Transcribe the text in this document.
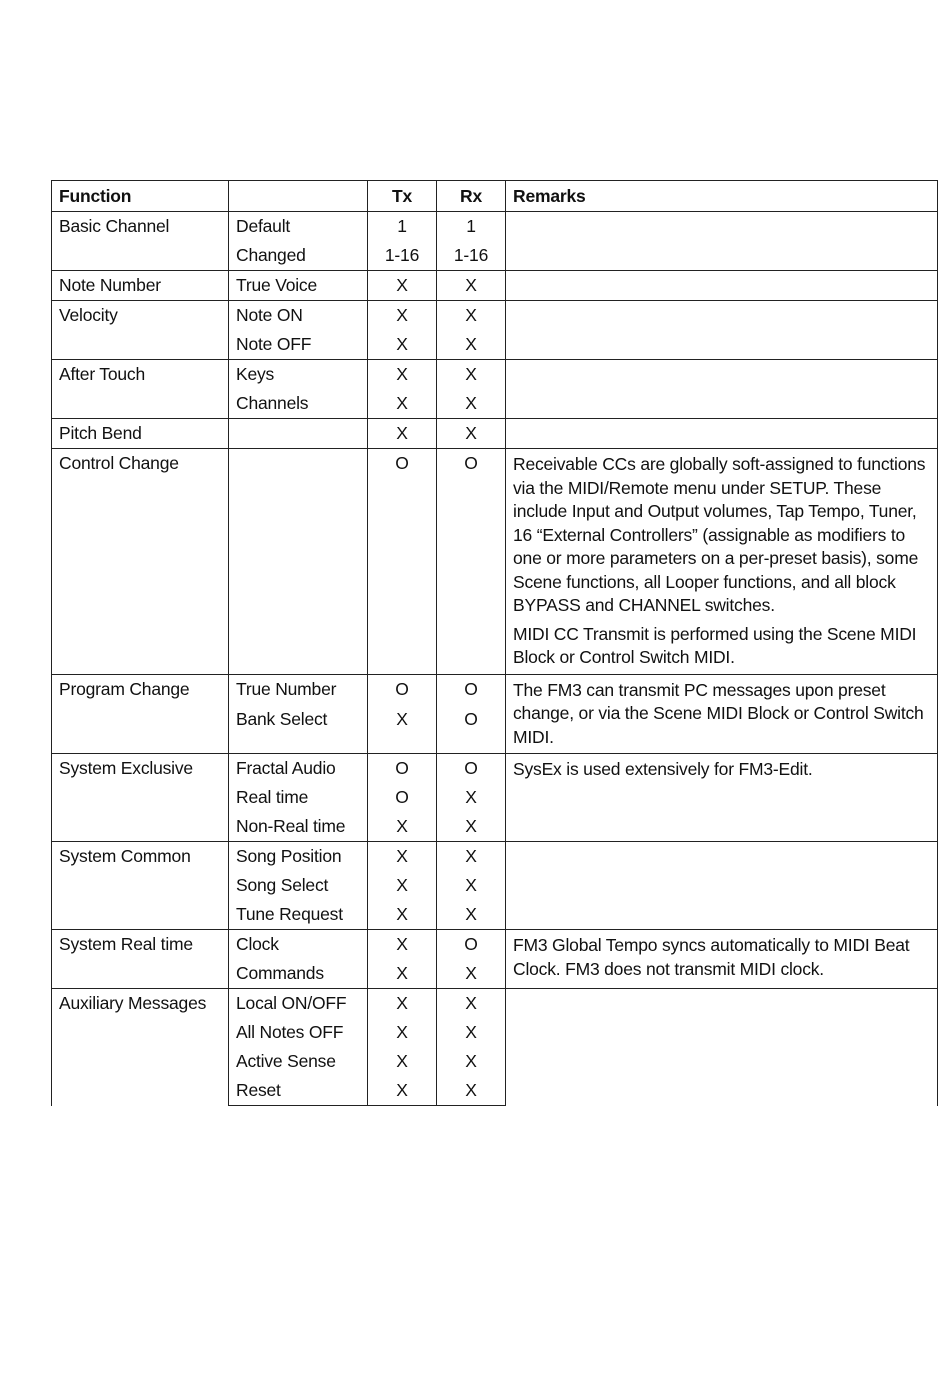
Function		Tx	Rx	Remarks
Basic Channel	Default	1	1	
	Changed	1-16	1-16	
Note Number	True Voice	X	X	
Velocity	Note ON	X	X	
	Note OFF	X	X	
After Touch	Keys	X	X	
	Channels	X	X	
Pitch Bend		X	X	
Control Change		O	O	Receivable CCs are globally soft-assigned to functions via the MIDI/Remote menu under SETUP. These include Input and Output volumes, Tap Tempo, Tuner, 16 “External Controllers” (assignable as modifiers to one or more parameters on a per-preset basis), some Scene functions, all Looper functions, and all block BYPASS and CHANNEL switches.

MIDI CC Transmit is performed using the Scene MIDI Block or Control Switch MIDI.

Program Change	True Number	O	O	The FM3 can transmit PC messages upon preset change, or via the Scene MIDI Block or Control Switch MIDI.
	Bank Select	X	O	
System Exclusive	Fractal Audio	O	O	SysEx is used extensively for FM3-Edit.
	Real time	O	X	
	Non-Real time	X	X	
System Common	Song Position	X	X	
	Song Select	X	X	
	Tune Request	X	X	
System Real time	Clock	X	O	FM3 Global Tempo syncs automatically to MIDI Beat Clock. FM3 does not transmit MIDI clock.
	Commands	X	X	
Auxiliary Messages	Local ON/OFF	X	X	
	All Notes OFF	X	X	
	Active Sense	X	X	
	Reset	X	X	
